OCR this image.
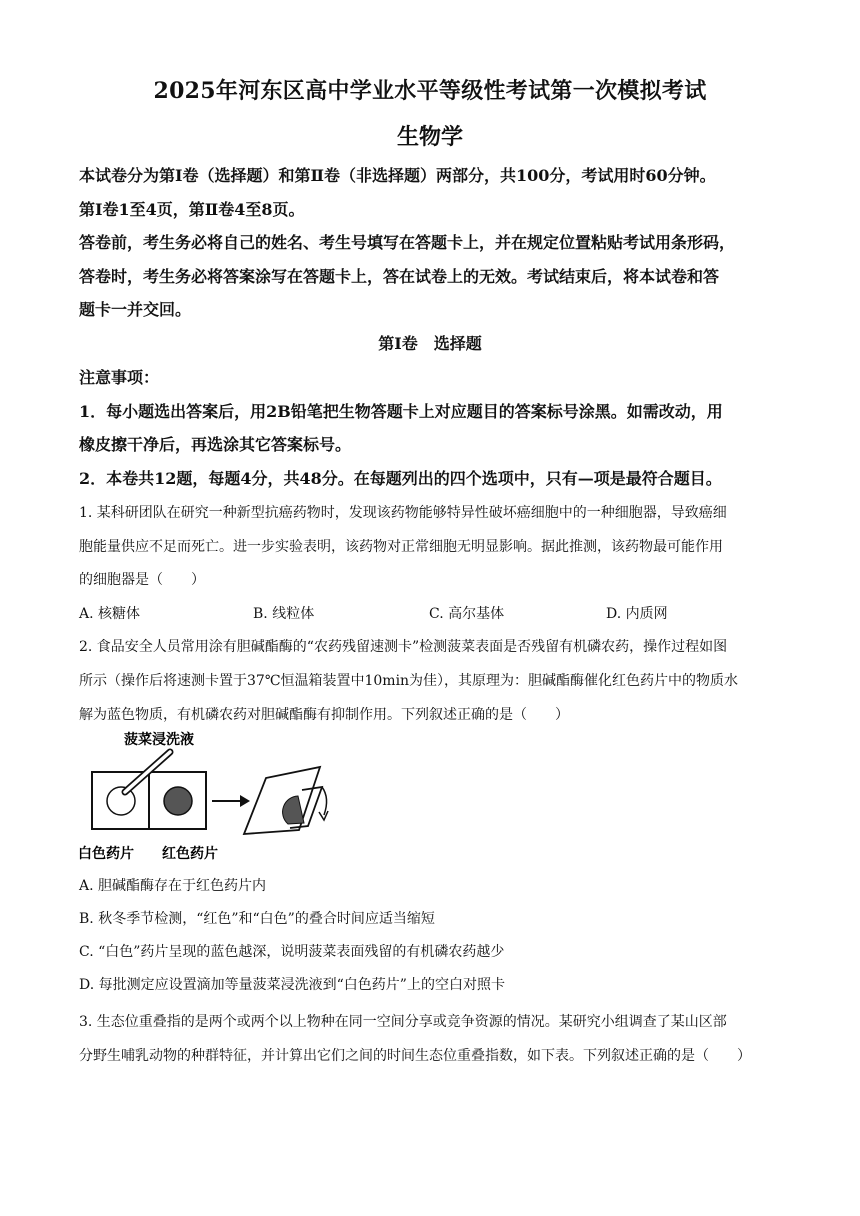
2025年河东区高中学业水平等级性考试第一次模拟考试
生物学
本试卷分为第Ⅰ卷（选择题）和第Ⅱ卷（非选择题）两部分，共100分，考试用时60分钟。
第Ⅰ卷1至4页，第Ⅱ卷4至8页。
答卷前，考生务必将自己的姓名、考生号填写在答题卡上，并在规定位置粘贴考试用条形码，
答卷时，考生务必将答案涂写在答题卡上，答在试卷上的无效。考试结束后，将本试卷和答
题卡一并交回。
第Ⅰ卷　选择题
注意事项：
1．每小题选出答案后，用2B铅笔把生物答题卡上对应题目的答案标号涂黑。如需改动，用
橡皮擦干净后，再选涂其它答案标号。
2．本卷共12题，每题4分，共48分。在每题列出的四个选项中，只有—项是最符合题目。
1. 某科研团队在研究一种新型抗癌药物时，发现该药物能够特异性破坏癌细胞中的一种细胞器，导致癌细
胞能量供应不足而死亡。进一步实验表明，该药物对正常细胞无明显影响。据此推测，该药物最可能作用
的细胞器是（　　）
A. 核糖体	B. 线粒体	C. 高尔基体	D. 内质网
2. 食品安全人员常用涂有胆碱酯酶的“农药残留速测卡”检测菠菜表面是否残留有机磷农药，操作过程如图
所示（操作后将速测卡置于37℃恒温箱装置中10min为佳），其原理为：胆碱酯酶催化红色药片中的物质水
解为蓝色物质，有机磷农药对胆碱酯酶有抑制作用。下列叙述正确的是（　　）
菠菜浸洗液
白色药片 红色药片
A. 胆碱酯酶存在于红色药片内
B. 秋冬季节检测，“红色”和“白色”的叠合时间应适当缩短
C. “白色”药片呈现的蓝色越深，说明菠菜表面残留的有机磷农药越少
D. 每批测定应设置滴加等量菠菜浸洗液到“白色药片”上的空白对照卡
3. 生态位重叠指的是两个或两个以上物种在同一空间分享或竞争资源的情况。某研究小组调查了某山区部
分野生哺乳动物的种群特征，并计算出它们之间的时间生态位重叠指数，如下表。下列叙述正确的是（　　）
